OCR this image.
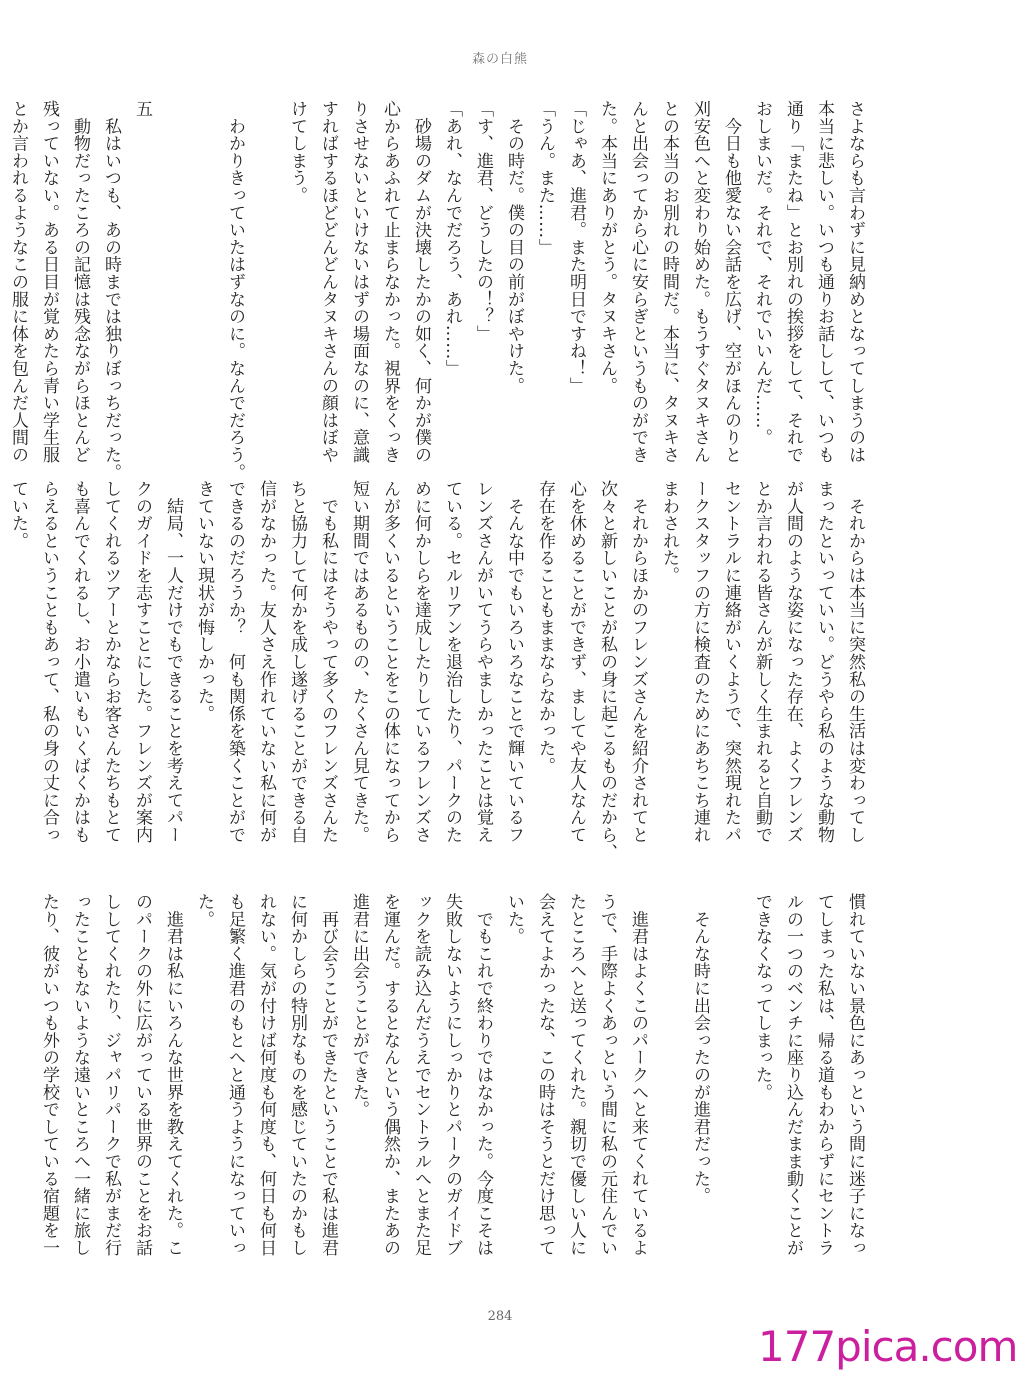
森の白熊

さよならも言わずに見納めとなってしまうのは

本当に悲しい。いつも通りお話しして、いつも

通り「またね」とお別れの挨拶をして、それで

おしまいだ。それで、それでいいんだ……。

　今日も他愛ない会話を広げ、空がほんのりと

刈安色へと変わり始めた。もうすぐタヌキさん

との本当のお別れの時間だ。本当に、タヌキさ

んと出会ってから心に安らぎというものができ

た。本当にありがとう。タヌキさん。

「じゃあ、進君。また明日ですね！」

「うん。また……」

　その時だ。僕の目の前がぼやけた。

「す、進君、どうしたの！？」

「あれ、なんでだろう、あれ……」

　砂場のダムが決壊したかの如く、何かが僕の

心からあふれて止まらなかった。視界をくっき

りさせないといけないはずの場面なのに、意識

すればするほどどんどんタヌキさんの顔はぼや

けてしまう。

　わかりきっていたはずなのに。なんでだろう。

五

　私はいつも、あの時までは独りぼっちだった。

　動物だったころの記憶は残念ながらほとんど

残っていない。ある日目が覚めたら青い学生服

とか言われるようなこの服に体を包んだ人間の

　それからは本当に突然私の生活は変わってし

まったといっていい。どうやら私のような動物

が人間のような姿になった存在、よくフレンズ

とか言われる皆さんが新しく生まれると自動で

セントラルに連絡がいくようで、突然現れたパ

ークスタッフの方に検査のためにあちこち連れ

まわされた。

　それからほかのフレンズさんを紹介されてと

次々と新しいことが私の身に起こるものだから、

心を休めることができず、ましてや友人なんて

存在を作ることもままならなかった。

　そんな中でもいろいろなことで輝いているフ

レンズさんがいてうらやましかったことは覚え

ている。セルリアンを退治したり、パークのた

めに何かしらを達成したりしているフレンズさ

んが多くいるということをこの体になってから

短い期間ではあるものの、たくさん見てきた。

　でも私にはそうやって多くのフレンズさんた

ちと協力して何かを成し遂げることができる自

信がなかった。友人さえ作れていない私に何が

できるのだろうか？　何も関係を築くことがで

きていない現状が悔しかった。

　結局、一人だけでもできることを考えてパー

クのガイドを志すことにした。フレンズが案内

してくれるツアーとかならお客さんたちもとて

も喜んでくれるし、お小遣いもいくばくかはも

らえるということもあって、私の身の丈に合っ

ていた。

慣れていない景色にあっという間に迷子になっ

てしまった私は、帰る道もわからずにセントラ

ルの一つのベンチに座り込んだまま動くことが

できなくなってしまった。

　そんな時に出会ったのが進君だった。

　進君はよくこのパークへと来てくれているよ

うで、手際よくあっという間に私の元住んでい

たところへと送ってくれた。親切で優しい人に

会えてよかったな、この時はそうとだけ思って

いた。

　でもこれで終わりではなかった。今度こそは

失敗しないようにしっかりとパークのガイドブ

ックを読み込んだうえでセントラルへとまた足

を運んだ。するとなんという偶然か、またあの

進君に出会うことができた。

　再び会うことができたということで私は進君

に何かしらの特別なものを感じていたのかもし

れない。気が付けば何度も何度も、何日も何日

も足繁く進君のもとへと通うようになっていっ

た。

　進君は私にいろんな世界を教えてくれた。こ

のパークの外に広がっている世界のことをお話

ししてくれたり、ジャパリパークで私がまだ行

ったこともないような遠いところへ一緒に旅し

たり、彼がいつも外の学校でしている宿題を一

284
177pica.com
